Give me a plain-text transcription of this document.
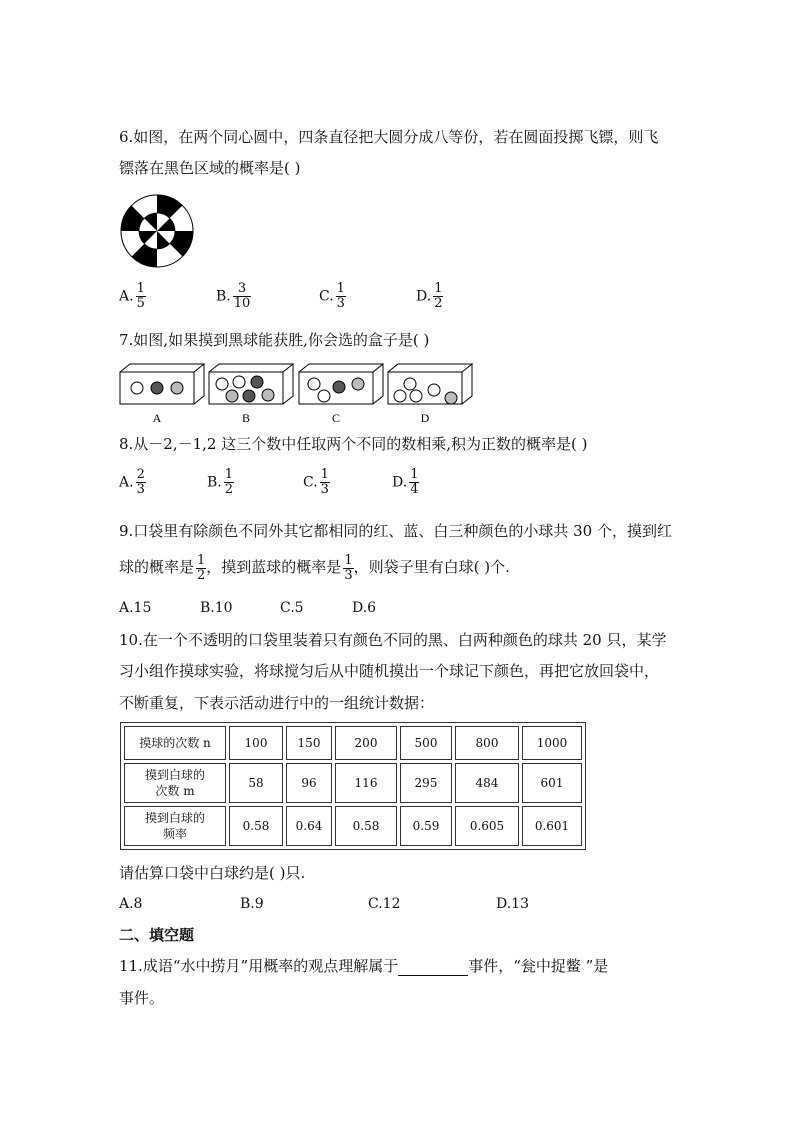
6.如图，在两个同心圆中，四条直径把大圆分成八等份，若在圆面投掷飞镖，则飞
镖落在黑色区域的概率是( )
A. $\frac{1}{5}$	B. $\frac{3}{10}$	C. $\frac{1}{3}$	D. $\frac{1}{2}$
7.如图,如果摸到黑球能获胜,你会选的盒子是( )
A	B	C	D
8.从－2,－1,2 这三个数中任取两个不同的数相乘,积为正数的概率是( )
A. $\frac{2}{3}$	B. $\frac{1}{2}$	C. $\frac{1}{3}$	D. $\frac{1}{4}$
9.口袋里有除颜色不同外其它都相同的红、蓝、白三种颜色的小球共 30 个，摸到红
球的概率是 $\frac{1}{2}$ ，摸到蓝球的概率是 $\frac{1}{3}$ ，则袋子里有白球( )个.
A.15	B.10	C.5	D.6
10.在一个不透明的口袋里装着只有颜色不同的黑、白两种颜色的球共 20 只，某学
习小组作摸球实验，将球搅匀后从中随机摸出一个球记下颜色，再把它放回袋中，
不断重复，下表示活动进行中的一组统计数据：
摸球的次数 n	100	150	200	500	800	1000

摸到白球的
次数 m	58	96	116	295	484	601

摸到白球的
频率	0.58	0.64	0.58	0.59	0.605	0.601
请估算口袋中白球约是( )只.
A.8	B.9	C.12	D.13
二、填空题
11.成语“水中捞月”用概率的观点理解属于	事件，“瓮中捉鳖 ”是
事件。
